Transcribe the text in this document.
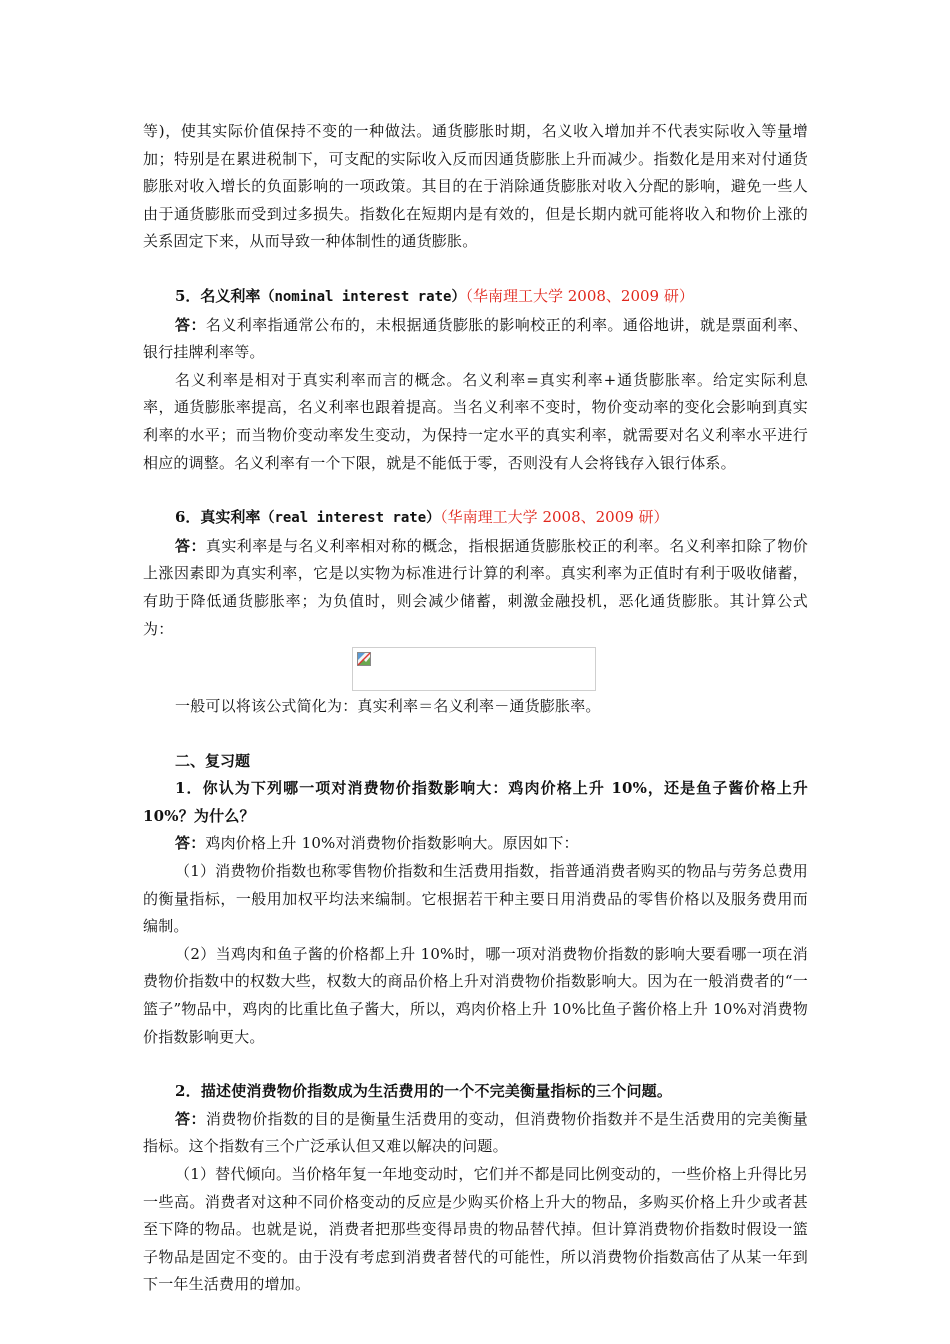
等)，使其实际价值保持不变的一种做法。通货膨胀时期，名义收入增加并不代表实际收入等量增加；特别是在累进税制下，可支配的实际收入反而因通货膨胀上升而减少。指数化是用来对付通货膨胀对收入增长的负面影响的一项政策。其目的在于消除通货膨胀对收入分配的影响，避免一些人由于通货膨胀而受到过多损失。指数化在短期内是有效的，但是长期内就可能将收入和物价上涨的关系固定下来，从而导致一种体制性的通货膨胀。

5．名义利率（nominal interest rate）（华南理工大学 2008、2009 研）

答：名义利率指通常公布的，未根据通货膨胀的影响校正的利率。通俗地讲，就是票面利率、银行挂牌利率等。

名义利率是相对于真实利率而言的概念。名义利率=真实利率+通货膨胀率。给定实际利息率，通货膨胀率提高，名义利率也跟着提高。当名义利率不变时，物价变动率的变化会影响到真实利率的水平；而当物价变动率发生变动，为保持一定水平的真实利率，就需要对名义利率水平进行相应的调整。名义利率有一个下限，就是不能低于零，否则没有人会将钱存入银行体系。

6．真实利率（real interest rate）（华南理工大学 2008、2009 研）

答：真实利率是与名义利率相对称的概念，指根据通货膨胀校正的利率。名义利率扣除了物价上涨因素即为真实利率，它是以实物为标准进行计算的利率。真实利率为正值时有利于吸收储蓄，有助于降低通货膨胀率；为负值时，则会减少储蓄，刺激金融投机，恶化通货膨胀。其计算公式为：

一般可以将该公式简化为：真实利率＝名义利率－通货膨胀率。

二、复习题

1．你认为下列哪一项对消费物价指数影响大：鸡肉价格上升 10%，还是鱼子酱价格上升 10%？为什么？

答：鸡肉价格上升 10%对消费物价指数影响大。原因如下：

（1）消费物价指数也称零售物价指数和生活费用指数，指普通消费者购买的物品与劳务总费用的衡量指标，一般用加权平均法来编制。它根据若干种主要日用消费品的零售价格以及服务费用而编制。

（2）当鸡肉和鱼子酱的价格都上升 10%时，哪一项对消费物价指数的影响大要看哪一项在消费物价指数中的权数大些，权数大的商品价格上升对消费物价指数影响大。因为在一般消费者的“一篮子”物品中，鸡肉的比重比鱼子酱大，所以，鸡肉价格上升 10%比鱼子酱价格上升 10%对消费物价指数影响更大。

2．描述使消费物价指数成为生活费用的一个不完美衡量指标的三个问题。

答：消费物价指数的目的是衡量生活费用的变动，但消费物价指数并不是生活费用的完美衡量指标。这个指数有三个广泛承认但又难以解决的问题。

（1）替代倾向。当价格年复一年地变动时，它们并不都是同比例变动的，一些价格上升得比另一些高。消费者对这种不同价格变动的反应是少购买价格上升大的物品，多购买价格上升少或者甚至下降的物品。也就是说，消费者把那些变得昂贵的物品替代掉。但计算消费物价指数时假设一篮子物品是固定不变的。由于没有考虑到消费者替代的可能性，所以消费物价指数高估了从某一年到下一年生活费用的增加。
